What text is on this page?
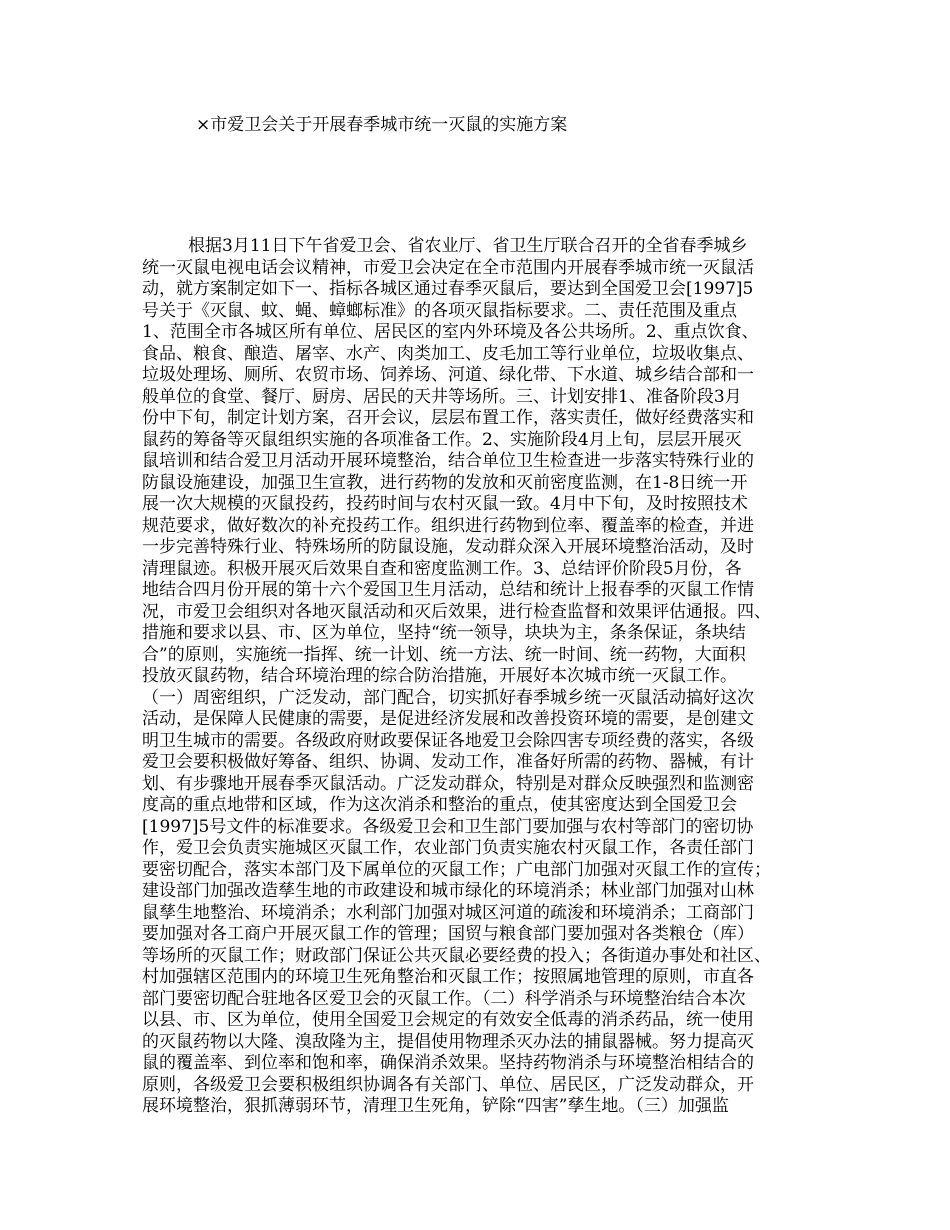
×市爱卫会关于开展春季城市统一灭鼠的实施方案
根据3月11日下午省爱卫会、省农业厅、省卫生厅联合召开的全省春季城乡
统一灭鼠电视电话会议精神，市爱卫会决定在全市范围内开展春季城市统一灭鼠活
动，就方案制定如下一、指标各城区通过春季灭鼠后，要达到全国爱卫会[1997]5
号关于《灭鼠、蚊、蝇、蟑螂标准》的各项灭鼠指标要求。二、责任范围及重点
1、范围全市各城区所有单位、居民区的室内外环境及各公共场所。2、重点饮食、
食品、粮食、酿造、屠宰、水产、肉类加工、皮毛加工等行业单位，垃圾收集点、
垃圾处理场、厕所、农贸市场、饲养场、河道、绿化带、下水道、城乡结合部和一
般单位的食堂、餐厅、厨房、居民的天井等场所。三、计划安排1、准备阶段3月
份中下旬，制定计划方案，召开会议，层层布置工作，落实责任，做好经费落实和
鼠药的筹备等灭鼠组织实施的各项准备工作。2、实施阶段4月上旬，层层开展灭
鼠培训和结合爱卫月活动开展环境整治，结合单位卫生检查进一步落实特殊行业的
防鼠设施建设，加强卫生宣教，进行药物的发放和灭前密度监测，在1-8日统一开
展一次大规模的灭鼠投药，投药时间与农村灭鼠一致。4月中下旬，及时按照技术
规范要求，做好数次的补充投药工作。组织进行药物到位率、覆盖率的检查，并进
一步完善特殊行业、特殊场所的防鼠设施，发动群众深入开展环境整治活动，及时
清理鼠迹。积极开展灭后效果自查和密度监测工作。3、总结评价阶段5月份，各
地结合四月份开展的第十六个爱国卫生月活动，总结和统计上报春季的灭鼠工作情
况，市爱卫会组织对各地灭鼠活动和灭后效果，进行检查监督和效果评估通报。四、
措施和要求以县、市、区为单位，坚持“统一领导，块块为主，条条保证，条块结
合”的原则，实施统一指挥、统一计划、统一方法、统一时间、统一药物，大面积
投放灭鼠药物，结合环境治理的综合防治措施，开展好本次城市统一灭鼠工作。
（一）周密组织，广泛发动，部门配合，切实抓好春季城乡统一灭鼠活动搞好这次
活动，是保障人民健康的需要，是促进经济发展和改善投资环境的需要，是创建文
明卫生城市的需要。各级政府财政要保证各地爱卫会除四害专项经费的落实，各级
爱卫会要积极做好筹备、组织、协调、发动工作，准备好所需的药物、器械，有计
划、有步骤地开展春季灭鼠活动。广泛发动群众，特别是对群众反映强烈和监测密
度高的重点地带和区域，作为这次消杀和整治的重点，使其密度达到全国爱卫会
[1997]5号文件的标准要求。各级爱卫会和卫生部门要加强与农村等部门的密切协
作，爱卫会负责实施城区灭鼠工作，农业部门负责实施农村灭鼠工作，各责任部门
要密切配合，落实本部门及下属单位的灭鼠工作；广电部门加强对灭鼠工作的宣传；
建设部门加强改造孳生地的市政建设和城市绿化的环境消杀；林业部门加强对山林
鼠孳生地整治、环境消杀；水利部门加强对城区河道的疏浚和环境消杀；工商部门
要加强对各工商户开展灭鼠工作的管理；国贸与粮食部门要加强对各类粮仓（库）
等场所的灭鼠工作；财政部门保证公共灭鼠必要经费的投入；各街道办事处和社区、
村加强辖区范围内的环境卫生死角整治和灭鼠工作；按照属地管理的原则，市直各
部门要密切配合驻地各区爱卫会的灭鼠工作。（二）科学消杀与环境整治结合本次
以县、市、区为单位，使用全国爱卫会规定的有效安全低毒的消杀药品，统一使用
的灭鼠药物以大隆、溴敌隆为主，提倡使用物理杀灭办法的捕鼠器械。努力提高灭
鼠的覆盖率、到位率和饱和率，确保消杀效果。坚持药物消杀与环境整治相结合的
原则，各级爱卫会要积极组织协调各有关部门、单位、居民区，广泛发动群众，开
展环境整治，狠抓薄弱环节，清理卫生死角，铲除“四害”孳生地。（三）加强监
